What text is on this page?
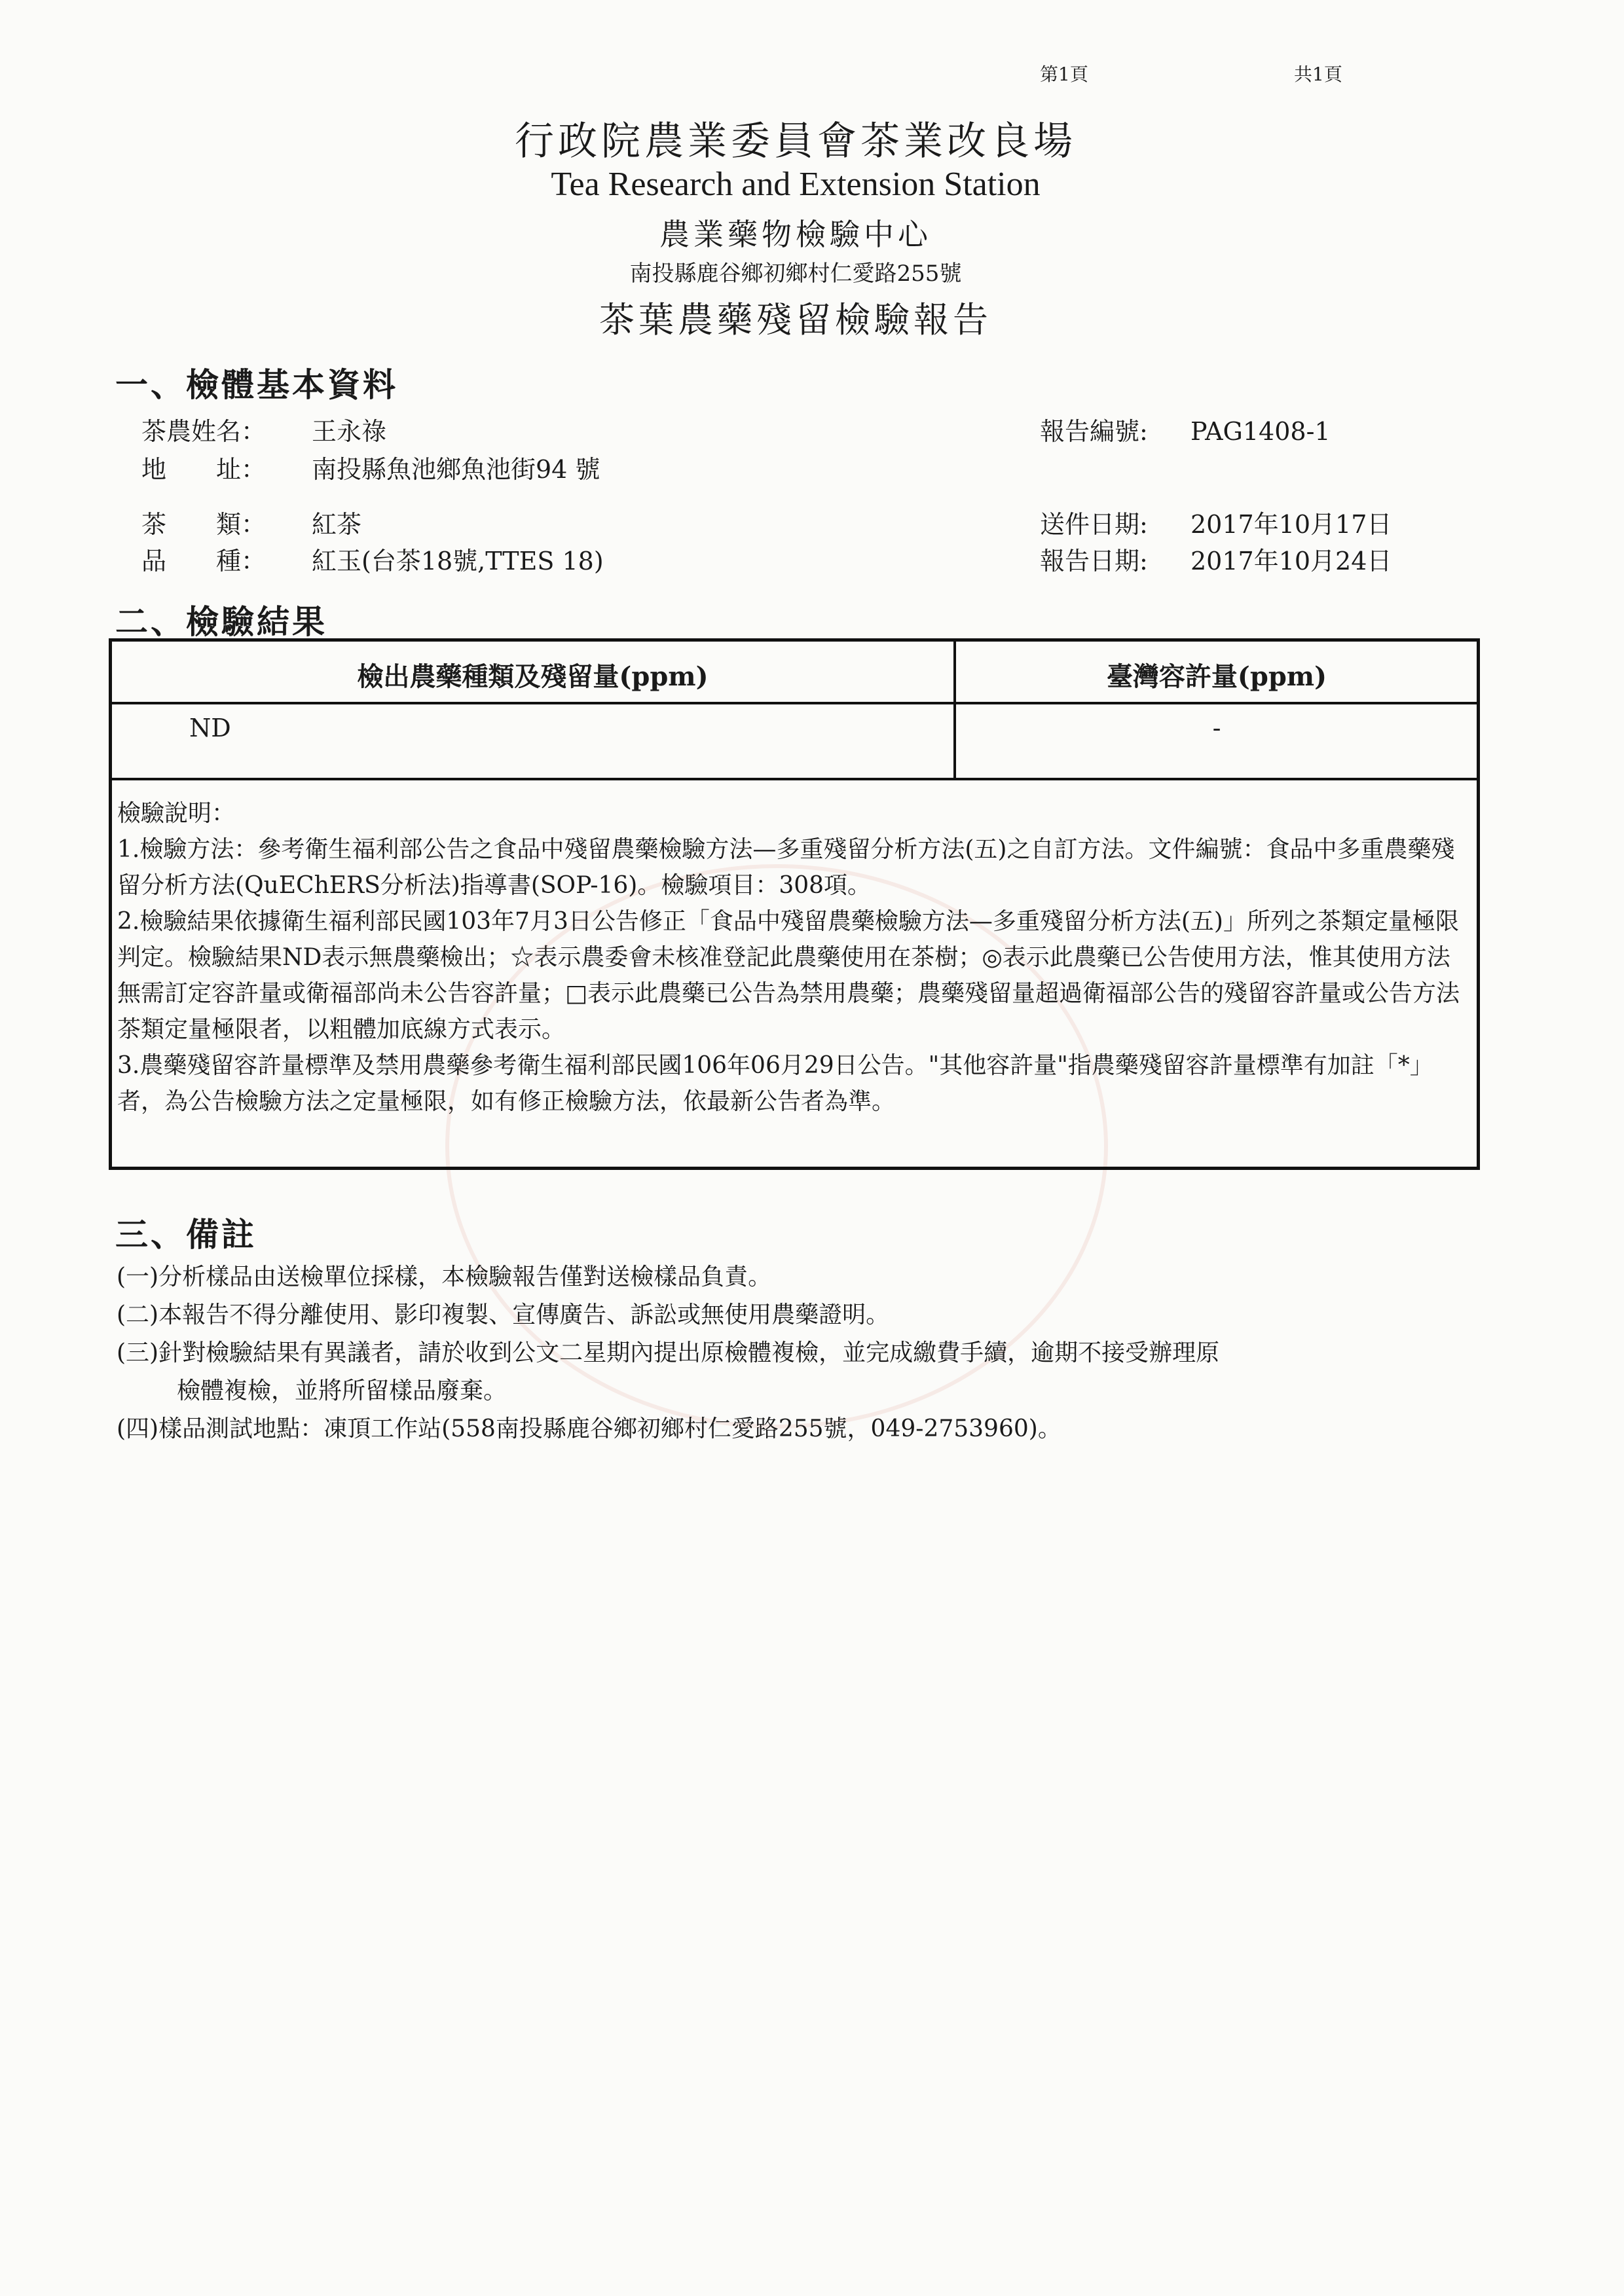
第1頁	共1頁
行政院農業委員會茶業改良場
Tea Research and Extension Station
農業藥物檢驗中心
南投縣鹿谷鄉初鄉村仁愛路255號
茶葉農藥殘留檢驗報告
一、檢體基本資料
茶農姓名： 王永祿
地　　址： 南投縣魚池鄉魚池街94 號
茶　　類： 紅茶
品　　種： 紅玉(台茶18號,TTES 18)
報告編號: PAG1408-1
送件日期: 2017年10月17日
報告日期: 2017年10月24日
二、檢驗結果
檢出農藥種類及殘留量(ppm)	臺灣容許量(ppm)
ND	-

檢驗說明：

1.檢驗方法：參考衛生福利部公告之食品中殘留農藥檢驗方法—多重殘留分析方法(五)之自訂方法。文件編號：食品中多重農藥殘留分析方法(QuEChERS分析法)指導書(SOP-16)。檢驗項目：308項。

2.檢驗結果依據衛生福利部民國103年7月3日公告修正「食品中殘留農藥檢驗方法—多重殘留分析方法(五)」所列之茶類定量極限判定。檢驗結果ND表示無農藥檢出；☆表示農委會未核准登記此農藥使用在茶樹；◎表示此農藥已公告使用方法，惟其使用方法無需訂定容許量或衛福部尚未公告容許量；□表示此農藥已公告為禁用農藥；農藥殘留量超過衛福部公告的殘留容許量或公告方法茶類定量極限者，以粗體加底線方式表示。

3.農藥殘留容許量標準及禁用農藥參考衛生福利部民國106年06月29日公告。"其他容許量"指農藥殘留容許量標準有加註「*」者，為公告檢驗方法之定量極限，如有修正檢驗方法，依最新公告者為準。

三、備註

(一)分析樣品由送檢單位採樣，本檢驗報告僅對送檢樣品負責。

(二)本報告不得分離使用、影印複製、宣傳廣告、訴訟或無使用農藥證明。

(三)針對檢驗結果有異議者，請於收到公文二星期內提出原檢體複檢，並完成繳費手續，逾期不接受辦理原

檢體複檢，並將所留樣品廢棄。

(四)樣品測試地點：凍頂工作站(558南投縣鹿谷鄉初鄉村仁愛路255號，049-2753960)。
